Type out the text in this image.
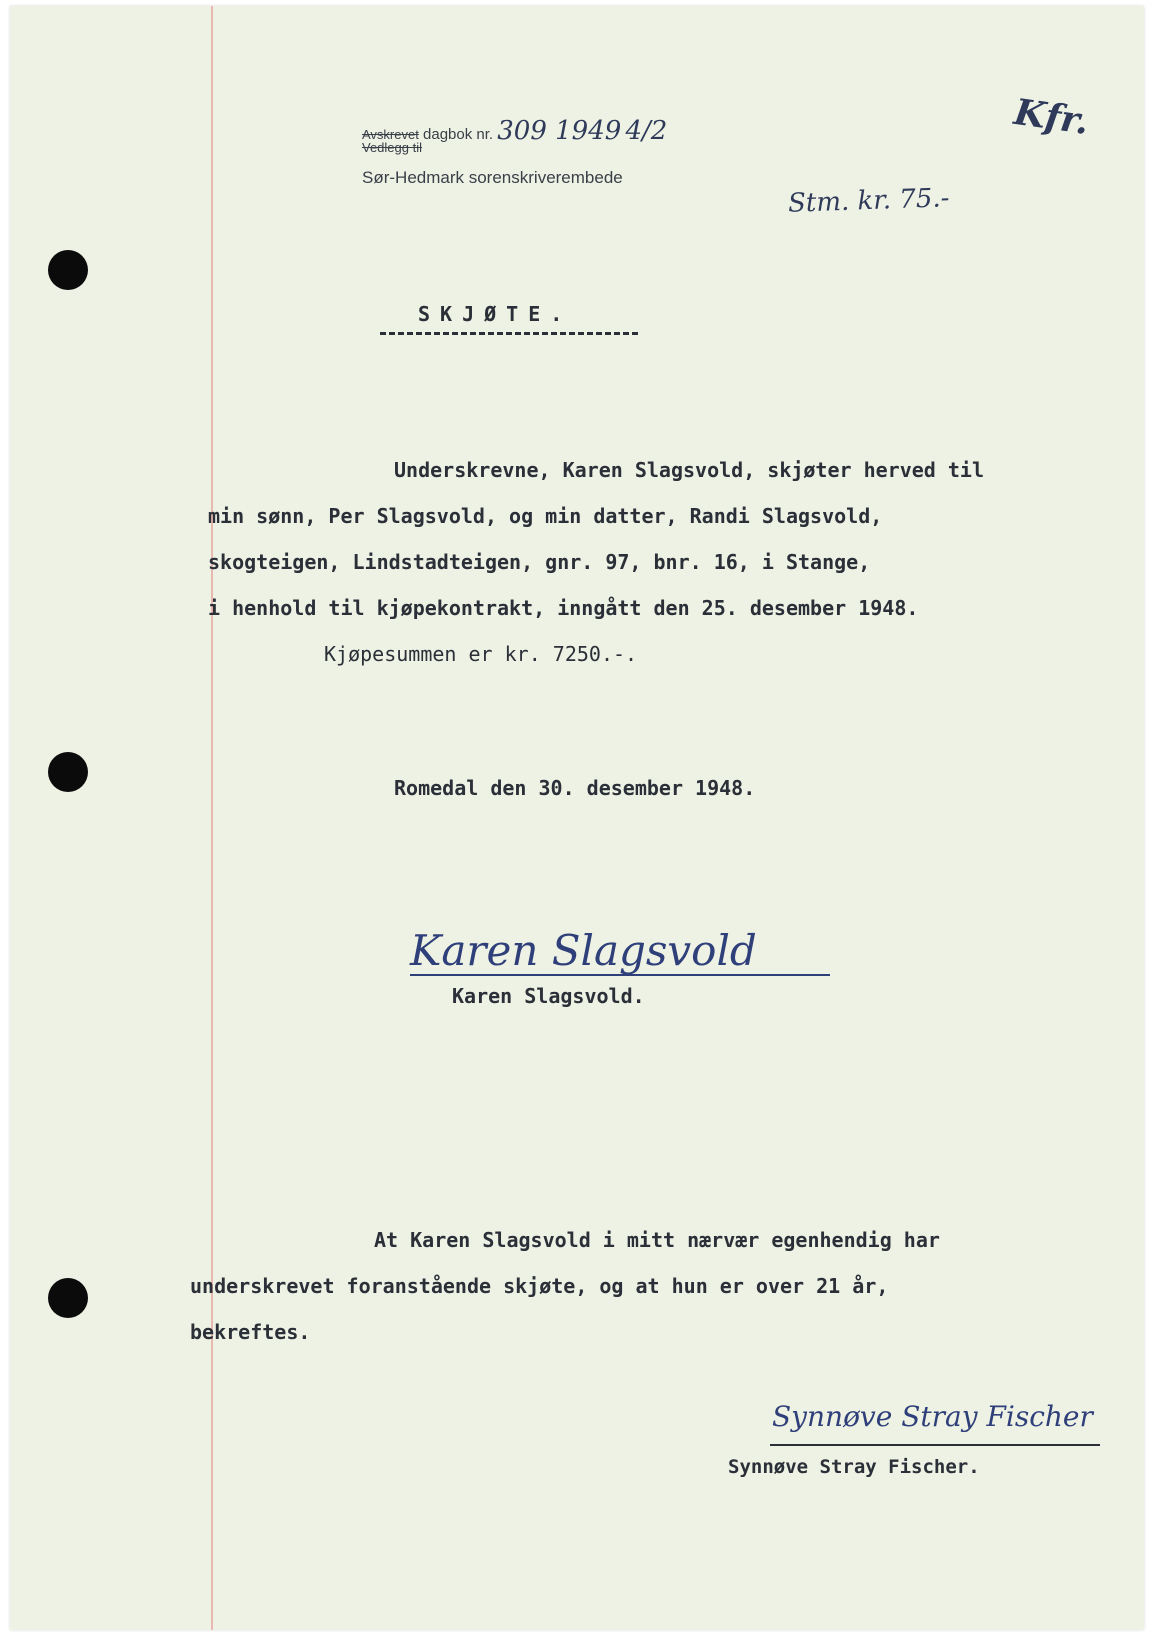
Avskrevet dagbok nr. 309 1949 4/2
Vedlegg til
Sør-Hedmark sorenskriverembede
Kfr.
Stm. kr. 75.-
SKJØTE.
Underskrevne, Karen Slagsvold, skjøter herved til
min sønn, Per Slagsvold, og min datter, Randi Slagsvold,
skogteigen, Lindstadteigen, gnr. 97, bnr. 16, i Stange,
i henhold til kjøpekontrakt, inngått den 25. desember 1948.
Kjøpesummen er kr. 7250.-.
Romedal den 30. desember 1948.
Karen Slagsvold
Karen Slagsvold.
At Karen Slagsvold i mitt nærvær egenhendig har
underskrevet foranstående skjøte, og at hun er over 21 år,
bekreftes.
Synnøve Stray Fischer
Synnøve Stray Fischer.
